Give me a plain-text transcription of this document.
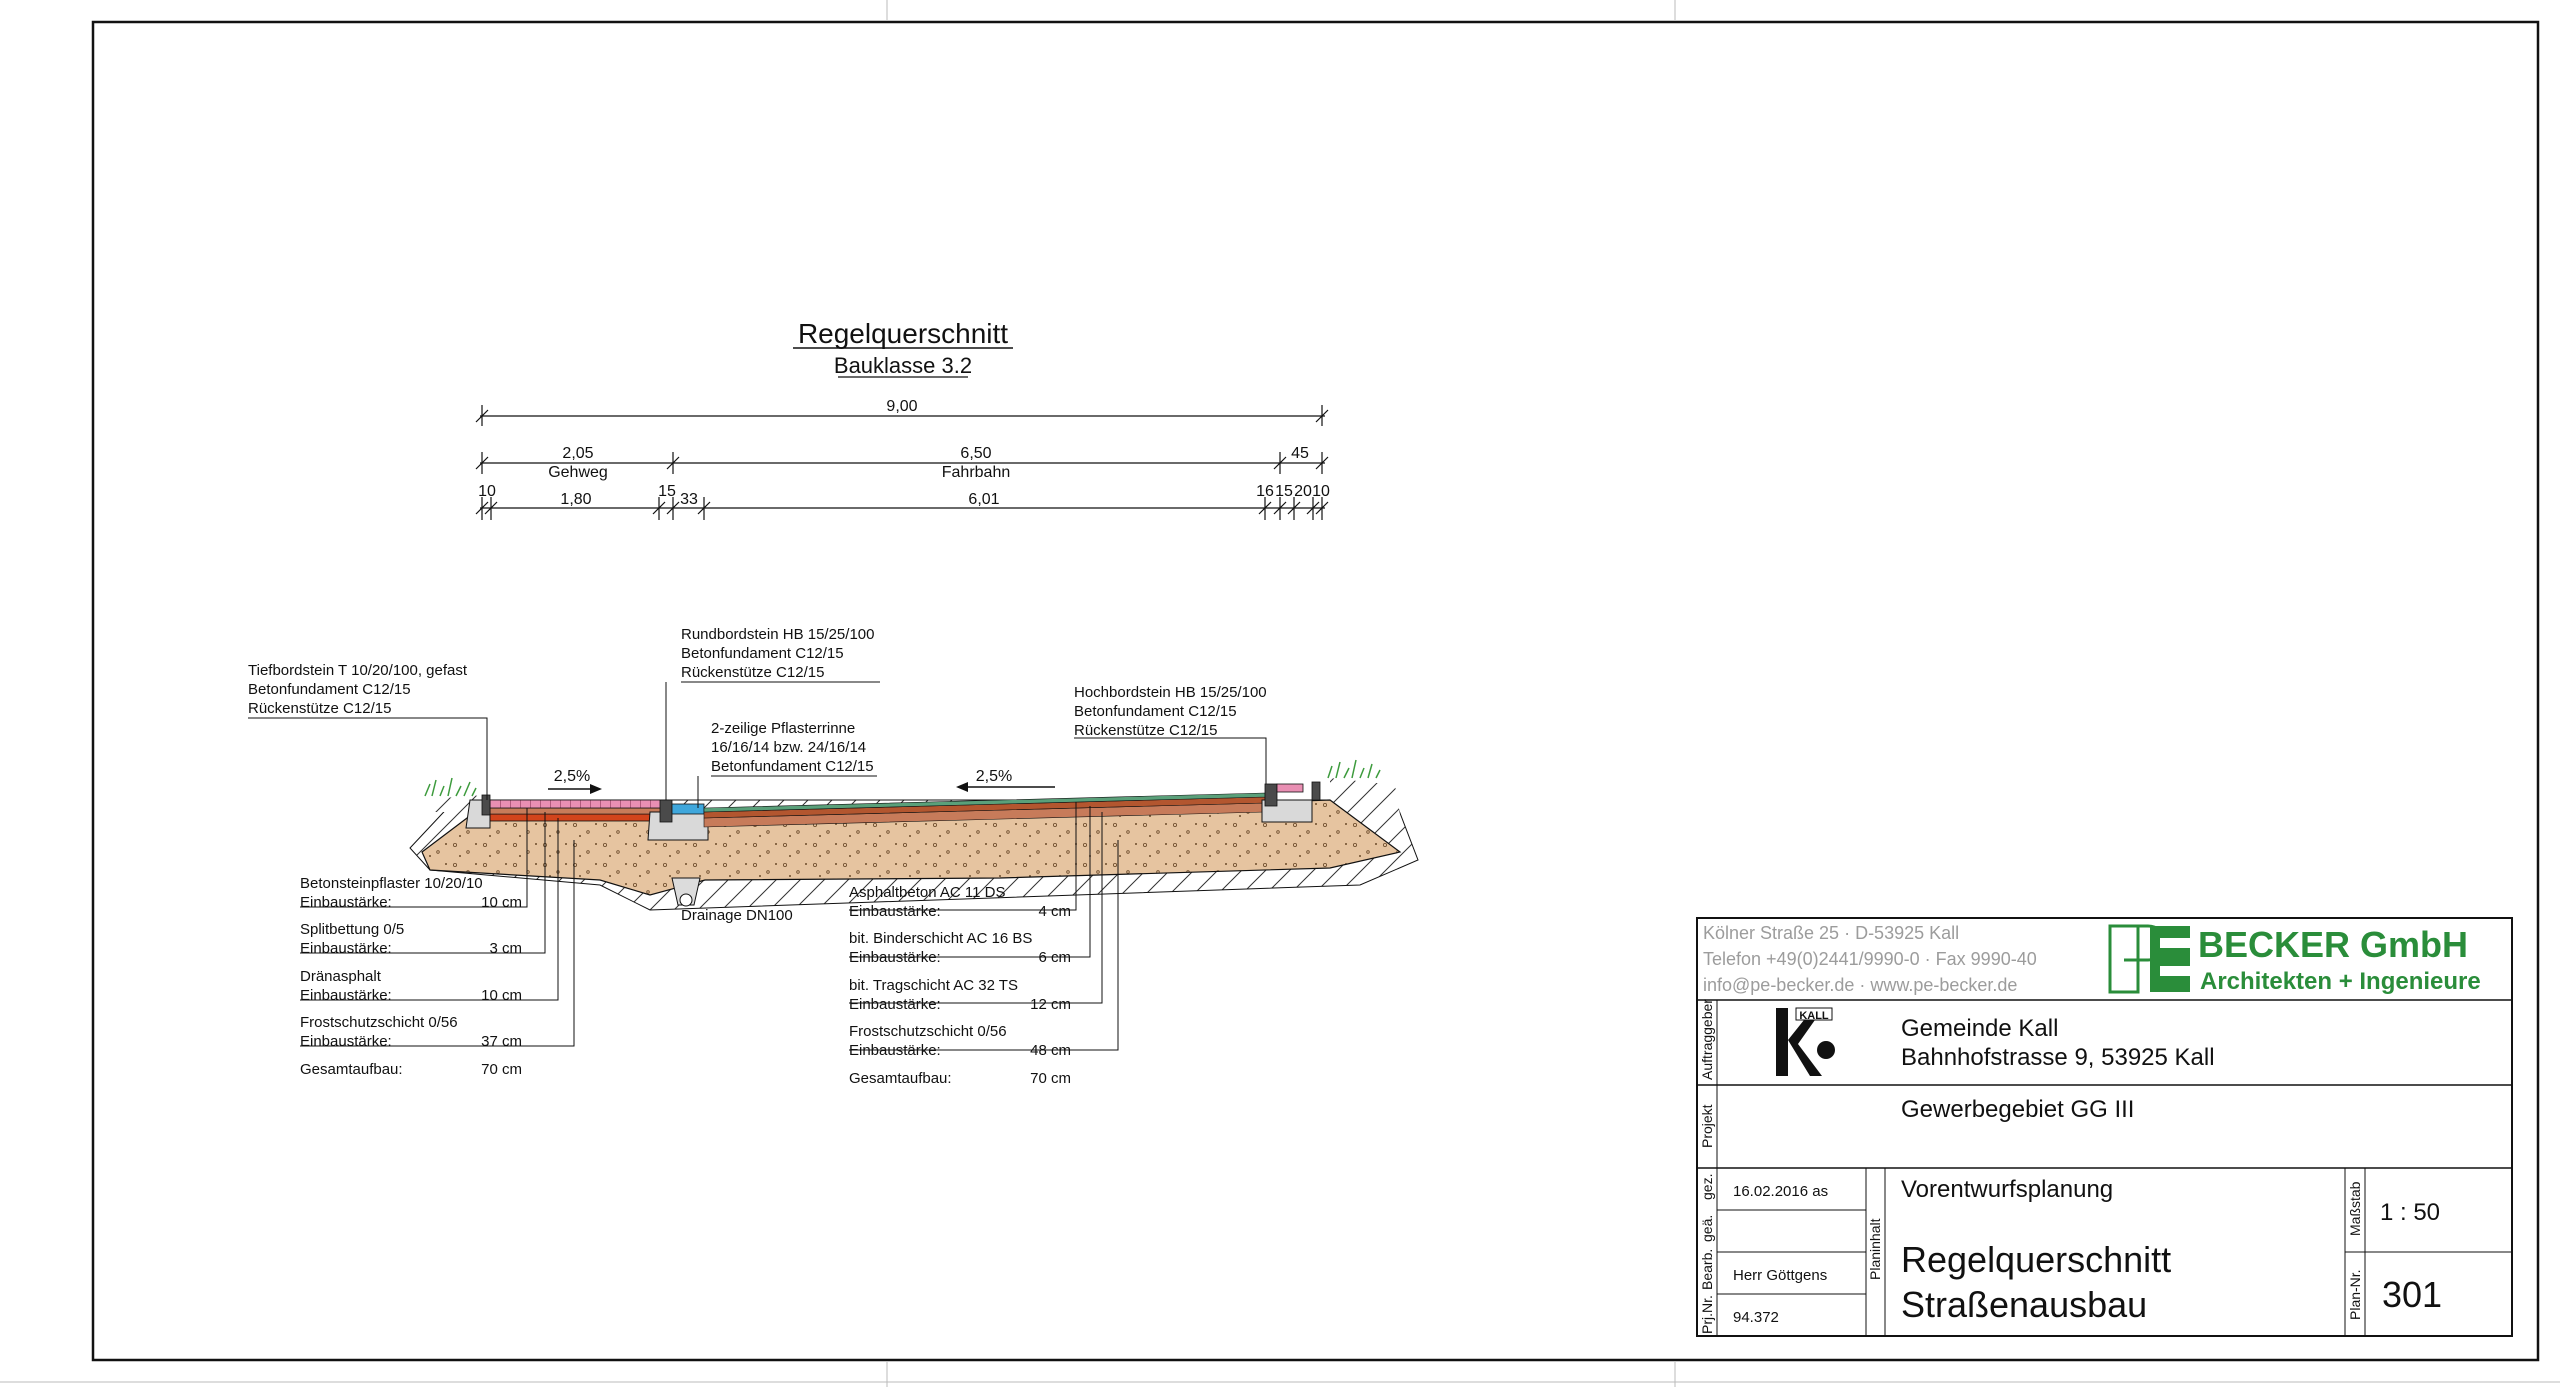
Regelquerschnitt
Bauklasse 3.2
9,00
2,05
Gehweg
6,50
Fahrbahn
45
10	1,80	15 33	6,01	16 15 20 10
2,5%	2,5%
Tiefbordstein T 10/20/100, gefast
Betonfundament C12/15
Rückenstütze C12/15
Rundbordstein HB 15/25/100
Betonfundament C12/15
Rückenstütze C12/15
2-zeilige Pflasterrinne
16/16/14 bzw. 24/16/14
Betonfundament C12/15
Hochbordstein HB 15/25/100
Betonfundament C12/15
Rückenstütze C12/15
Drainage DN100
Betonsteinpflaster 10/20/10
Einbaustärke:	10 cm
Splitbettung 0/5
Einbaustärke:	3 cm
Dränasphalt
Einbaustärke:	10 cm
Frostschutzschicht 0/56
Einbaustärke:	37 cm
Gesamtaufbau:	70 cm
Asphaltbeton AC 11 DS
Einbaustärke:	4 cm
bit. Binderschicht AC 16 BS
Einbaustärke:	6 cm
bit. Tragschicht AC 32 TS
Einbaustärke:	12 cm
Frostschutzschicht 0/56
Einbaustärke:	48 cm
Gesamtaufbau:	70 cm
Kölner Straße 25 · D-53925 Kall
Telefon +49(0)2441/9990-0 · Fax 9990-40
info@pe-becker.de · www.pe-becker.de	PE
BECKER GmbH
Architekten + Ingenieure
Auftraggeber	KALL	Gemeinde Kall
Bahnhofstrasse 9, 53925 Kall
Projekt	Gewerbegebiet GG III
gez. 16.02.2016 as
geä.
Bearb. Herr Göttgens
Prj.Nr. 94.372
Planinhalt
Vorentwurfsplanung
Regelquerschnitt
Straßenausbau
Maßstab 1 : 50
Plan-Nr. 301
